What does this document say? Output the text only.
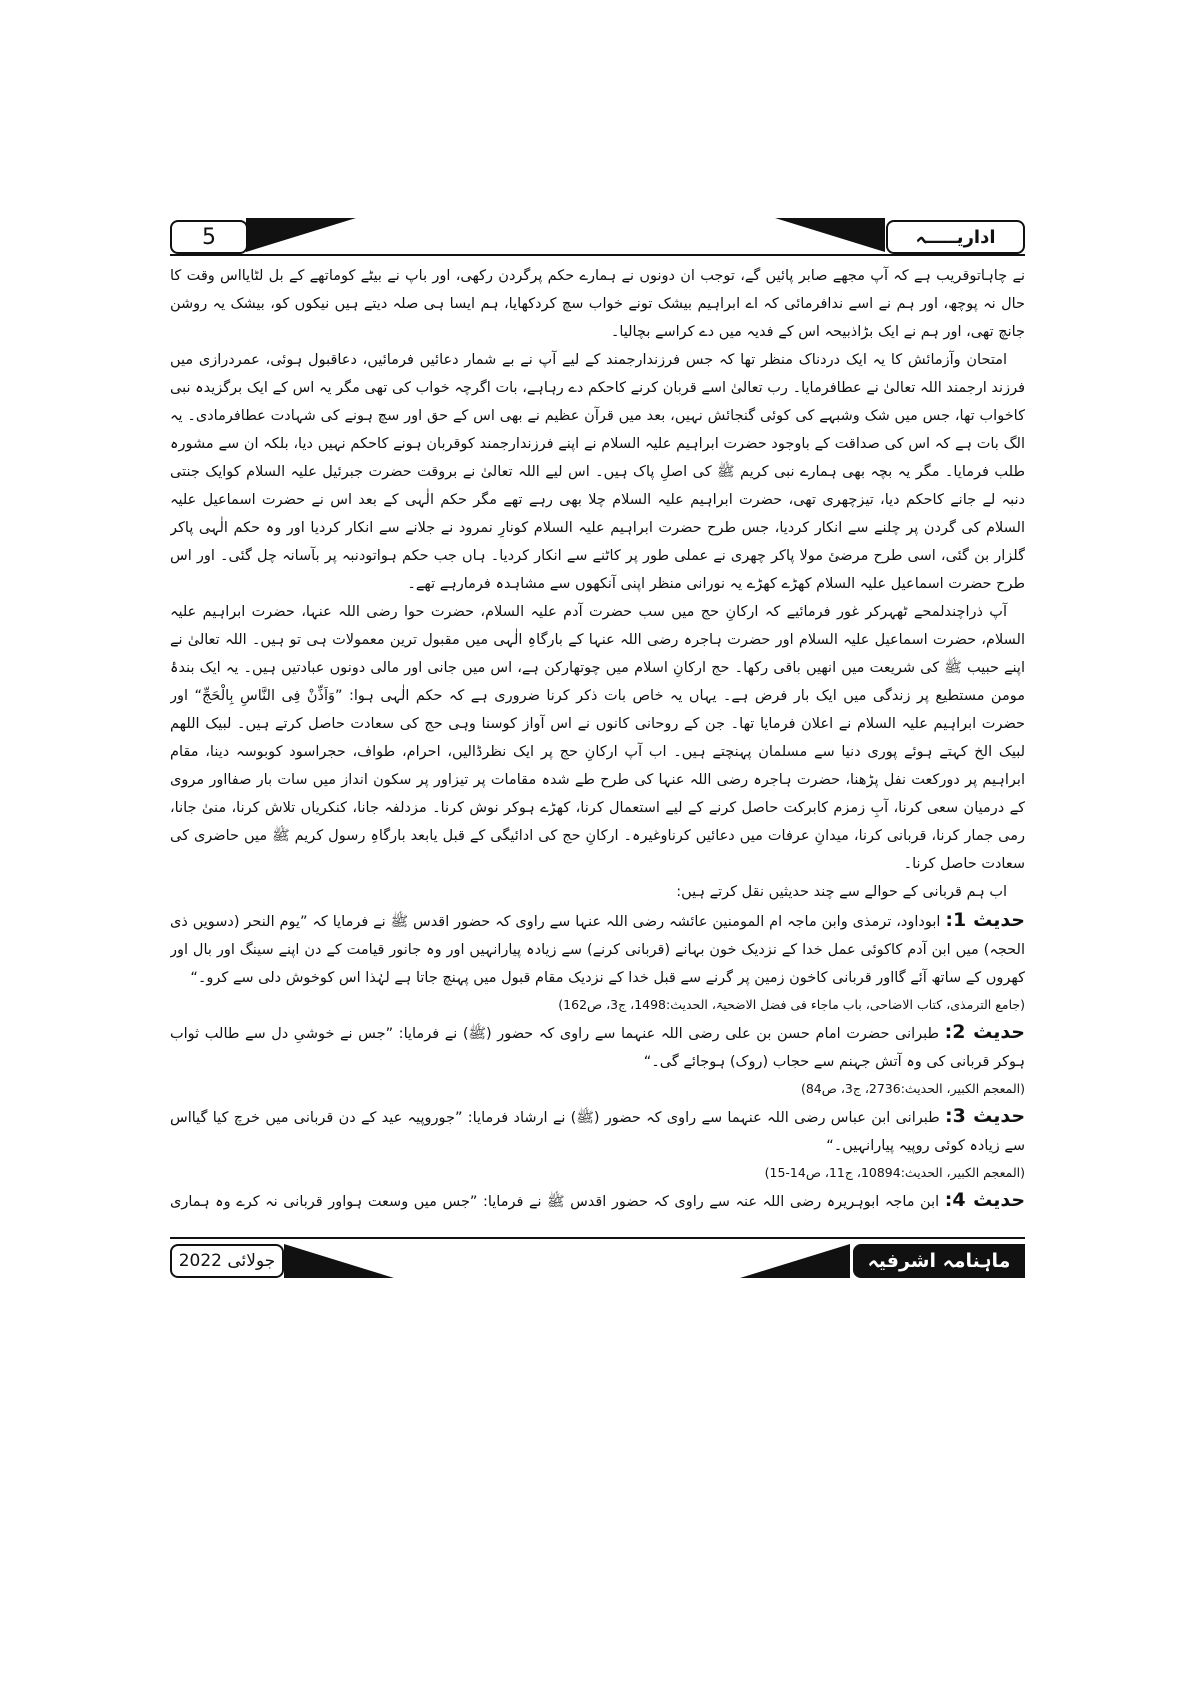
5	اداریـــــہ

نے چاہاتوقریب ہے کہ آپ مجھے صابر پائیں گے، توجب ان دونوں نے ہمارے حکم پرگردن رکھی، اور باپ نے بیٹے کوماتھے کے بل لٹایااس وقت کا حال نہ پوچھ، اور ہم نے اسے ندافرمائی کہ اے ابراہیم بیشک تونے خواب سچ کردکھایا، ہم ایسا ہی صلہ دیتے ہیں نیکوں کو، بیشک یہ روشن جانچ تھی، اور ہم نے ایک بڑاذبیحہ اس کے فدیہ میں دے کراسے بچالیا۔

امتحان وآزمائش کا یہ ایک دردناک منظر تھا کہ جس فرزندارجمند کے لیے آپ نے بے شمار دعائیں فرمائیں، دعاقبول ہوئی، عمردرازی میں فرزند ارجمند اللہ تعالیٰ نے عطافرمایا۔ رب تعالیٰ اسے قربان کرنے کاحکم دے رہاہے، بات اگرچہ خواب کی تھی مگر یہ اس کے ایک برگزیدہ نبی کاخواب تھا، جس میں شک وشبہے کی کوئی گنجائش نہیں، بعد میں قرآن عظیم نے بھی اس کے حق اور سچ ہونے کی شہادت عطافرمادی۔ یہ الگ بات ہے کہ اس کی صداقت کے باوجود حضرت ابراہیم علیہ السلام نے اپنے فرزندارجمند کوقربان ہونے کاحکم نہیں دیا، بلکہ ان سے مشورہ طلب فرمایا۔ مگر یہ بچہ بھی ہمارے نبی کریم ﷺ کی اصلِ پاک ہیں۔ اس لیے اللہ تعالیٰ نے بروقت حضرت جبرئیل علیہ السلام کوایک جنتی دنبہ لے جانے کاحکم دیا، تیزچھری تھی، حضرت ابراہیم علیہ السلام چلا بھی رہے تھے مگر حکم الٰہی کے بعد اس نے حضرت اسماعیل علیہ السلام کی گردن پر چلنے سے انکار کردیا، جس طرح حضرت ابراہیم علیہ السلام کونارِ نمرود نے جلانے سے انکار کردیا اور وہ حکم الٰہی پاکر گلزار بن گئی، اسی طرح مرضیٔ مولا پاکر چھری نے عملی طور پر کاٹنے سے انکار کردیا۔ ہاں جب حکم ہواتودنبہ پر بآسانہ چل گئی۔ اور اس طرح حضرت اسماعیل علیہ السلام کھڑے کھڑے یہ نورانی منظر اپنی آنکھوں سے مشاہدہ فرمارہے تھے۔

آپ ذراچندلمحے ٹھہرکر غور فرمائیے کہ ارکانِ حج میں سب حضرت آدم علیہ السلام، حضرت حوا رضی اللہ عنہا، حضرت ابراہیم علیہ السلام، حضرت اسماعیل علیہ السلام اور حضرت ہاجرہ رضی اللہ عنہا کے بارگاہِ الٰہی میں مقبول ترین معمولات ہی تو ہیں۔ اللہ تعالیٰ نے اپنے حبیب ﷺ کی شریعت میں انھیں باقی رکھا۔ حج ارکانِ اسلام میں چوتھارکن ہے، اس میں جانی اور مالی دونوں عبادتیں ہیں۔ یہ ایک بندۂ مومن مستطیع پر زندگی میں ایک بار فرض ہے۔ یہاں یہ خاص بات ذکر کرنا ضروری ہے کہ حکم الٰہی ہوا: ”وَاَذِّنْ فِی النَّاسِ بِالْحَجِّ“ اور حضرت ابراہیم علیہ السلام نے اعلان فرمایا تھا۔ جن کے روحانی کانوں نے اس آواز کوسنا وہی حج کی سعادت حاصل کرتے ہیں۔ لبیک اللھم لبیک الخ کہتے ہوئے پوری دنیا سے مسلمان پہنچتے ہیں۔ اب آپ ارکانِ حج پر ایک نظرڈالیں، احرام، طواف، حجراسود کوبوسہ دینا، مقام ابراہیم پر دورکعت نفل پڑھنا، حضرت ہاجرہ رضی اللہ عنہا کی طرح طے شدہ مقامات پر تیزاور پر سکون انداز میں سات بار صفااور مروی کے درمیان سعی کرنا، آبِ زمزم کابرکت حاصل کرنے کے لیے استعمال کرنا، کھڑے ہوکر نوش کرنا۔ مزدلفہ جانا، کنکریاں تلاش کرنا، منیٰ جانا، رمی جمار کرنا، قربانی کرنا، میدانِ عرفات میں دعائیں کرناوغیرہ۔ ارکانِ حج کی ادائیگی کے قبل یابعد بارگاہِ رسول کریم ﷺ میں حاضری کی سعادت حاصل کرنا۔

اب ہم قربانی کے حوالے سے چند حدیثیں نقل کرتے ہیں:

حدیث 1: ابوداود، ترمذی وابن ماجہ ام المومنین عائشہ رضی اللہ عنہا سے راوی کہ حضور اقدس ﷺ نے فرمایا کہ ”یوم النحر (دسویں ذی الحجہ) میں ابن آدم کاکوئی عمل خدا کے نزدیک خون بہانے (قربانی کرنے) سے زیادہ پیارانہیں اور وہ جانور قیامت کے دن اپنے سینگ اور بال اور کھروں کے ساتھ آئے گااور قربانی کاخون زمین پر گرنے سے قبل خدا کے نزدیک مقام قبول میں پہنچ جاتا ہے لہٰذا اس کوخوش دلی سے کرو۔“
(جامع الترمذی، کتاب الاضاحی، باب ماجاء فی فضل الاضحیۃ، الحدیث:1498، ج3، ص162)
حدیث 2: طبرانی حضرت امام حسن بن علی رضی اللہ عنہما سے راوی کہ حضور (ﷺ) نے فرمایا: ”جس نے خوشیِ دل سے طالب ثواب ہوکر قربانی کی وہ آتش جہنم سے حجاب (روک) ہوجائے گی۔“
(المعجم الکبیر، الحدیث:2736، ج3، ص84)
حدیث 3: طبرانی ابن عباس رضی اللہ عنہما سے راوی کہ حضور (ﷺ) نے ارشاد فرمایا: ”جوروپیہ عید کے دن قربانی میں خرچ کیا گیااس سے زیادہ کوئی روپیہ پیارانہیں۔“
(المعجم الکبیر، الحدیث:10894، ج11، ص14-15)
حدیث 4: ابن ماجہ ابوہریرہ رضی اللہ عنہ سے راوی کہ حضور اقدس ﷺ نے فرمایا: ”جس میں وسعت ہواور قربانی نہ کرے وہ ہماری
جولائی 2022	ماہنامہ اشرفیہ
